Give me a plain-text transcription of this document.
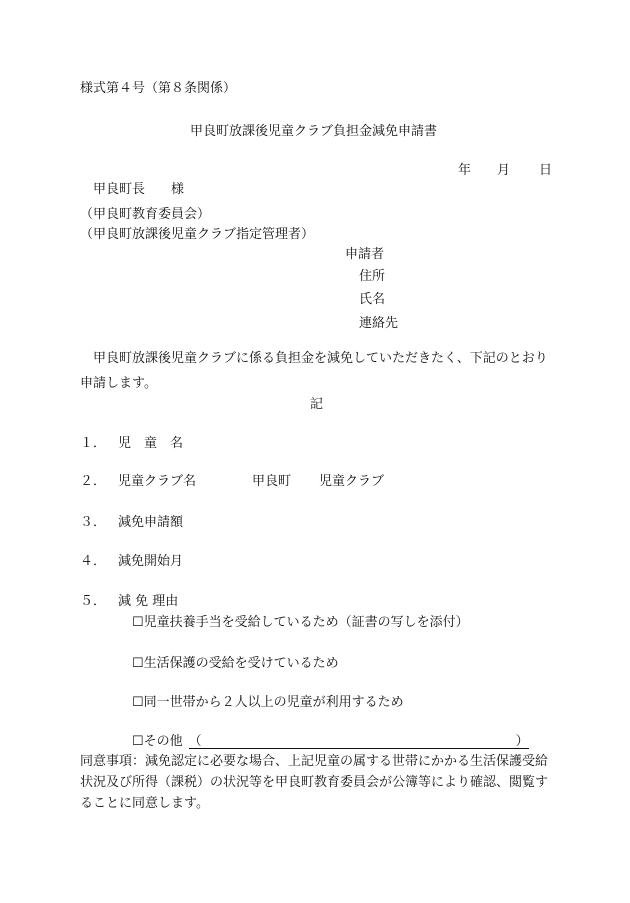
様式第４号（第８条関係）
甲良町放課後児童クラブ負担金減免申請書
年 月 日
甲良町長　　様
（甲良町教育委員会）
（甲良町放課後児童クラブ指定管理者）
申請者
住所
氏名
連絡先
甲良町放課後児童クラブに係る負担金を減免していただきたく、下記のとおり申請します。
記
１． 児　童　名
２． 児童クラブ名	甲良町 児童クラブ
３． 減免申請額
４． 減免開始月
５． 減 免 理由
☐児童扶養手当を受給しているため（証書の写しを添付）
☐生活保護の受給を受けているため
☐同一世帯から２人以上の児童が利用するため
☐その他 （	）
同意事項：減免認定に必要な場合、上記児童の属する世帯にかかる生活保護受給状況及び所得（課税）の状況等を甲良町教育委員会が公簿等により確認、閲覧することに同意します。
